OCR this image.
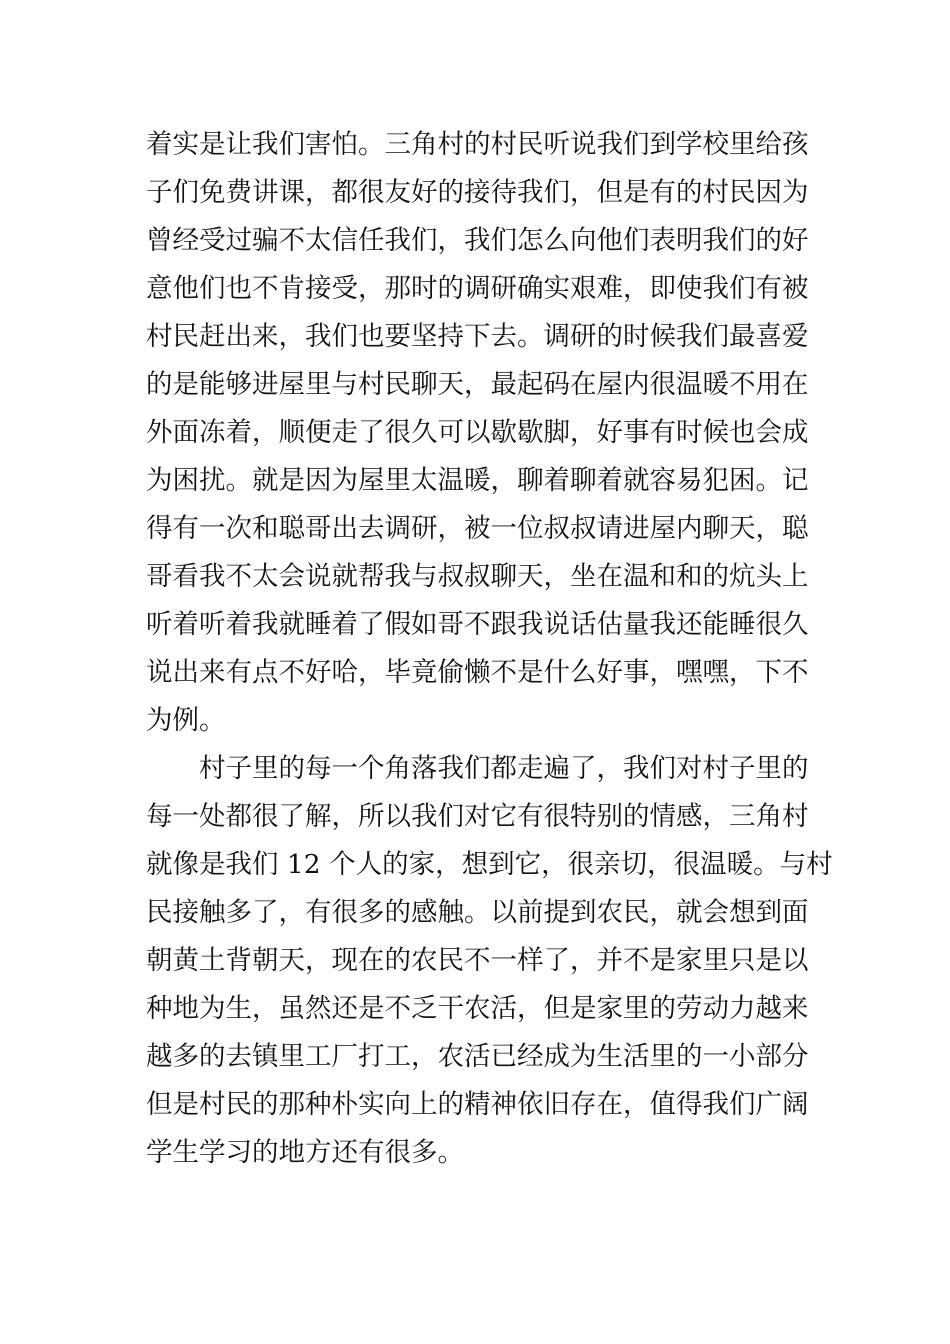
着实是让我们害怕。三角村的村民听说我们到学校里给孩
子们免费讲课，都很友好的接待我们，但是有的村民因为
曾经受过骗不太信任我们，我们怎么向他们表明我们的好
意他们也不肯接受，那时的调研确实艰难，即使我们有被
村民赶出来，我们也要坚持下去。调研的时候我们最喜爱
的是能够进屋里与村民聊天，最起码在屋内很温暖不用在
外面冻着，顺便走了很久可以歇歇脚，好事有时候也会成
为困扰。就是因为屋里太温暖，聊着聊着就容易犯困。记
得有一次和聪哥出去调研，被一位叔叔请进屋内聊天，聪
哥看我不太会说就帮我与叔叔聊天，坐在温和和的炕头上
听着听着我就睡着了假如哥不跟我说话估量我还能睡很久
说出来有点不好哈，毕竟偷懒不是什么好事，嘿嘿，下不
为例。
　　村子里的每一个角落我们都走遍了，我们对村子里的
每一处都很了解，所以我们对它有很特别的情感，三角村
就像是我们 12 个人的家，想到它，很亲切，很温暖。与村
民接触多了，有很多的感触。以前提到农民，就会想到面
朝黄土背朝天，现在的农民不一样了，并不是家里只是以
种地为生，虽然还是不乏干农活，但是家里的劳动力越来
越多的去镇里工厂打工，农活已经成为生活里的一小部分
但是村民的那种朴实向上的精神依旧存在，值得我们广阔
学生学习的地方还有很多。
